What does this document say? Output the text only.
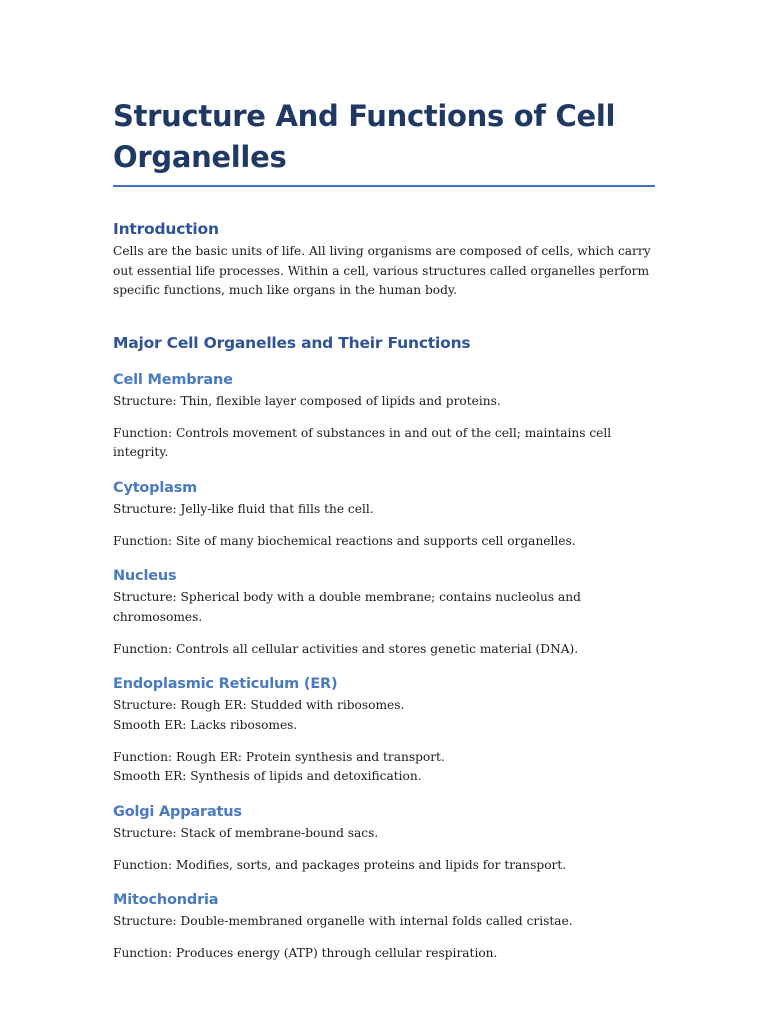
Structure And Functions of Cell Organelles
Introduction

Cells are the basic units of life. All living organisms are composed of cells, which carry out essential life processes. Within a cell, various structures called organelles perform specific functions, much like organs in the human body.

Major Cell Organelles and Their Functions
Cell Membrane

Structure: Thin, flexible layer composed of lipids and proteins.

Function: Controls movement of substances in and out of the cell; maintains cell integrity.

Cytoplasm

Structure: Jelly-like fluid that fills the cell.

Function: Site of many biochemical reactions and supports cell organelles.

Nucleus

Structure: Spherical body with a double membrane; contains nucleolus and chromosomes.

Function: Controls all cellular activities and stores genetic material (DNA).

Endoplasmic Reticulum (ER)

Structure: Rough ER: Studded with ribosomes.
Smooth ER: Lacks ribosomes.

Function: Rough ER: Protein synthesis and transport.
Smooth ER: Synthesis of lipids and detoxification.

Golgi Apparatus

Structure: Stack of membrane-bound sacs.

Function: Modifies, sorts, and packages proteins and lipids for transport.

Mitochondria

Structure: Double-membraned organelle with internal folds called cristae.

Function: Produces energy (ATP) through cellular respiration.
